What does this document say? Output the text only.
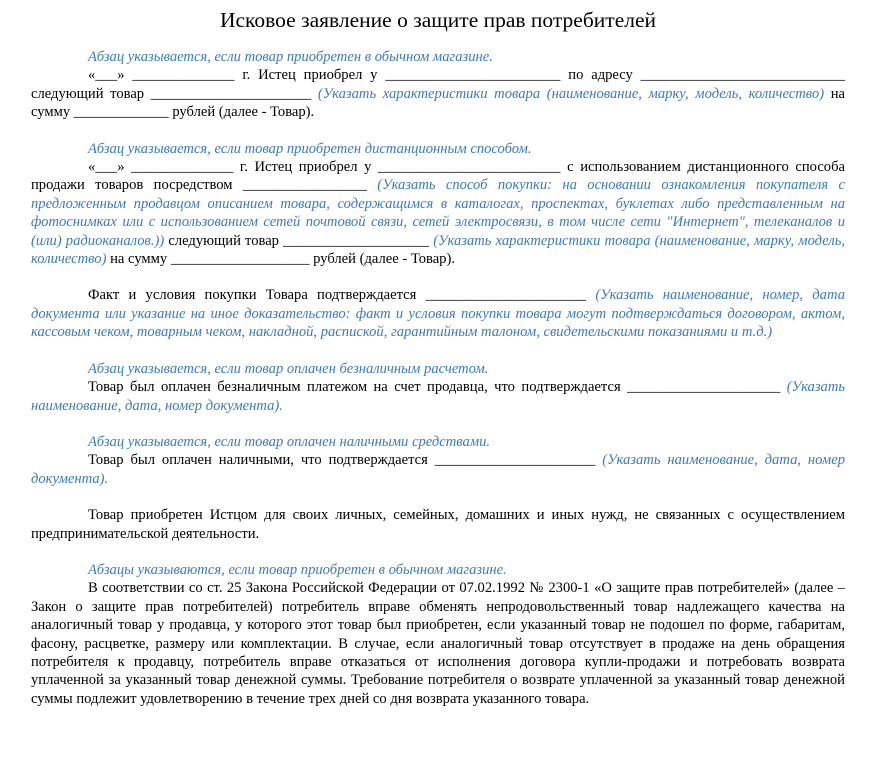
Исковое заявление о защите прав потребителей

Абзац указывается, если товар приобретен в обычном магазине.

«___» ______________ г. Истец приобрел у ________________________ по адресу ____________________________ следующий товар ______________________ (Указать характеристики товара (наименование, марку, модель, количество) на сумму _____________ рублей (далее - Товар).

Абзац указывается, если товар приобретен дистанционным способом.

«___» ______________ г. Истец приобрел у _________________________ с использованием дистанционного способа продажи товаров посредством _________________ (Указать способ покупки: на основании ознакомления покупателя с предложенным продавцом описанием товара, содержащимся в каталогах, проспектах, буклетах либо представленным на фотоснимках или с использованием сетей почтовой связи, сетей электросвязи, в том числе сети "Интернет", телеканалов и (или) радиоканалов.)) следующий товар ____________________ (Указать характеристики товара (наименование, марку, модель, количество) на сумму ___________________ рублей (далее - Товар).

Факт и условия покупки Товара подтверждается ______________________ (Указать наименование, номер, дата документа или указание на иное доказательство: факт и условия покупки товара могут подтверждаться договором, актом, кассовым чеком, товарным чеком, накладной, распиской, гарантийным талоном, свидетельскими показаниями и т.д.)

Абзац указывается, если товар оплачен безналичным расчетом.

Товар был оплачен безналичным платежом на счет продавца, что подтверждается _____________________ (Указать наименование, дата, номер документа).

Абзац указывается, если товар оплачен наличными средствами.

Товар был оплачен наличными, что подтверждается ______________________ (Указать наименование, дата, номер документа).

Товар приобретен Истцом для своих личных, семейных, домашних и иных нужд, не связанных с осуществлением предпринимательской деятельности.

Абзацы указываются, если товар приобретен в обычном магазине.

В соответствии со ст. 25 Закона Российской Федерации от 07.02.1992 № 2300-1 «О защите прав потребителей» (далее – Закон о защите прав потребителей) потребитель вправе обменять непродовольственный товар надлежащего качества на аналогичный товар у продавца, у которого этот товар был приобретен, если указанный товар не подошел по форме, габаритам, фасону, расцветке, размеру или комплектации. В случае, если аналогичный товар отсутствует в продаже на день обращения потребителя к продавцу, потребитель вправе отказаться от исполнения договора купли-продажи и потребовать возврата уплаченной за указанный товар денежной суммы. Требование потребителя о возврате уплаченной за указанный товар денежной суммы подлежит удовлетворению в течение трех дней со дня возврата указанного товара.
